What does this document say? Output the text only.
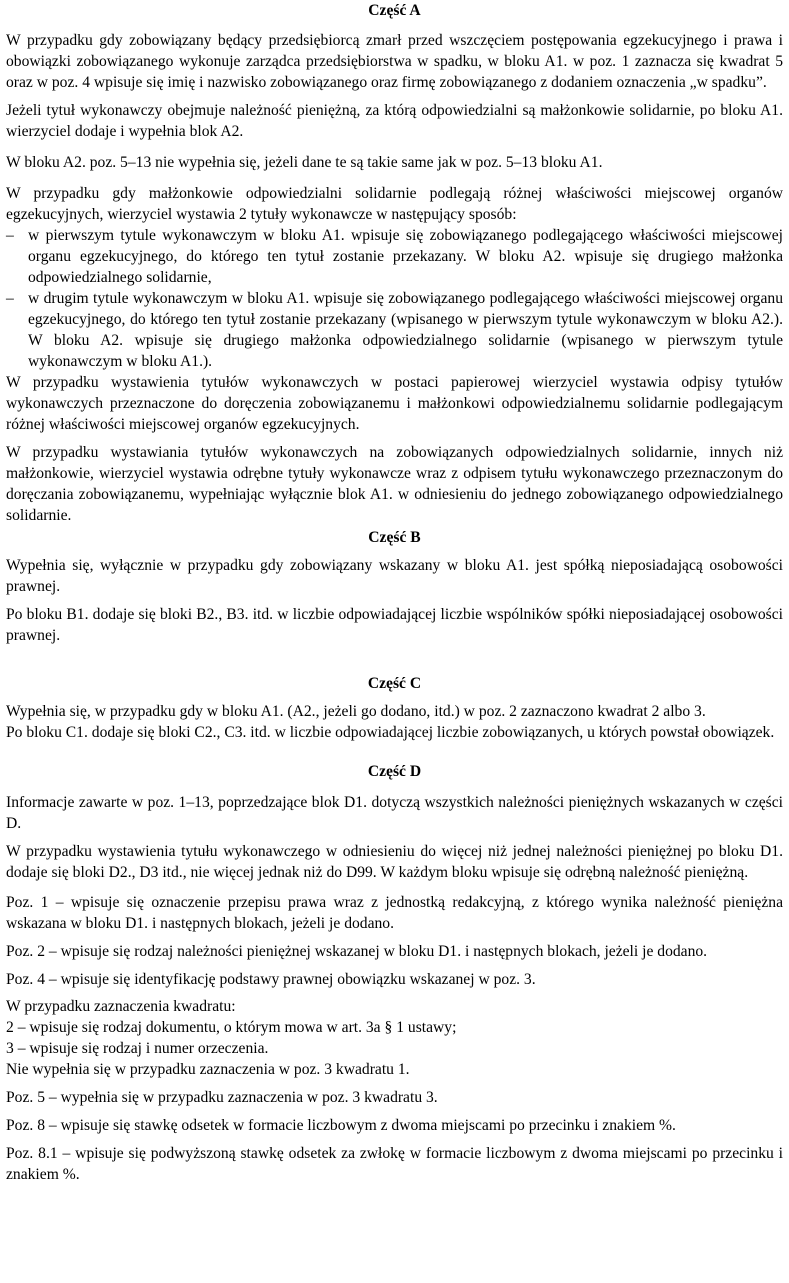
Część A

W przypadku gdy zobowiązany będący przedsiębiorcą zmarł przed wszczęciem postępowania egzekucyjnego i prawa i obowiązki zobowiązanego wykonuje zarządca przedsiębiorstwa w spadku, w bloku A1. w poz. 1 zaznacza się kwadrat 5 oraz w poz. 4 wpisuje się imię i nazwisko zobowiązanego oraz firmę zobowiązanego z dodaniem oznaczenia „w spadku”.

Jeżeli tytuł wykonawczy obejmuje należność pieniężną, za którą odpowiedzialni są małżonkowie solidarnie, po bloku A1. wierzyciel dodaje i wypełnia blok A2.

W bloku A2. poz. 5–13 nie wypełnia się, jeżeli dane te są takie same jak w poz. 5–13 bloku A1.

W przypadku gdy małżonkowie odpowiedzialni solidarnie podlegają różnej właściwości miejscowej organów egzekucyjnych, wierzyciel wystawia 2 tytuły wykonawcze w następujący sposób:

– w pierwszym tytule wykonawczym w bloku A1. wpisuje się zobowiązanego podlegającego właściwości miejscowej organu egzekucyjnego, do którego ten tytuł zostanie przekazany. W bloku A2. wpisuje się drugiego małżonka odpowiedzialnego solidarnie,
– w drugim tytule wykonawczym w bloku A1. wpisuje się zobowiązanego podlegającego właściwości miejscowej organu egzekucyjnego, do którego ten tytuł zostanie przekazany (wpisanego w pierwszym tytule wykonawczym w bloku A2.). W bloku A2. wpisuje się drugiego małżonka odpowiedzialnego solidarnie (wpisanego w pierwszym tytule wykonawczym w bloku A1.).

W przypadku wystawienia tytułów wykonawczych w postaci papierowej wierzyciel wystawia odpisy tytułów wykonawczych przeznaczone do doręczenia zobowiązanemu i małżonkowi odpowiedzialnemu solidarnie podlegającym różnej właściwości miejscowej organów egzekucyjnych.

W przypadku wystawiania tytułów wykonawczych na zobowiązanych odpowiedzialnych solidarnie, innych niż małżonkowie, wierzyciel wystawia odrębne tytuły wykonawcze wraz z odpisem tytułu wykonawczego przeznaczonym do doręczania zobowiązanemu, wypełniając wyłącznie blok A1. w odniesieniu do jednego zobowiązanego odpowiedzialnego solidarnie.

Część B

Wypełnia się, wyłącznie w przypadku gdy zobowiązany wskazany w bloku A1. jest spółką nieposiadającą osobowości prawnej.

Po bloku B1. dodaje się bloki B2., B3. itd. w liczbie odpowiadającej liczbie wspólników spółki nieposiadającej osobowości prawnej.

Część C

Wypełnia się, w przypadku gdy w bloku A1. (A2., jeżeli go dodano, itd.) w poz. 2 zaznaczono kwadrat 2 albo 3.

Po bloku C1. dodaje się bloki C2., C3. itd. w liczbie odpowiadającej liczbie zobowiązanych, u których powstał obowiązek.

Część D

Informacje zawarte w poz. 1–13, poprzedzające blok D1. dotyczą wszystkich należności pieniężnych wskazanych w części D.

W przypadku wystawienia tytułu wykonawczego w odniesieniu do więcej niż jednej należności pieniężnej po bloku D1. dodaje się bloki D2., D3 itd., nie więcej jednak niż do D99. W każdym bloku wpisuje się odrębną należność pieniężną.

Poz. 1 – wpisuje się oznaczenie przepisu prawa wraz z jednostką redakcyjną, z którego wynika należność pieniężna wskazana w bloku D1. i następnych blokach, jeżeli je dodano.

Poz. 2 – wpisuje się rodzaj należności pieniężnej wskazanej w bloku D1. i następnych blokach, jeżeli je dodano.

Poz. 4 – wpisuje się identyfikację podstawy prawnej obowiązku wskazanej w poz. 3.

W przypadku zaznaczenia kwadratu:
2 – wpisuje się rodzaj dokumentu, o którym mowa w art. 3a § 1 ustawy;
3 – wpisuje się rodzaj i numer orzeczenia.
Nie wypełnia się w przypadku zaznaczenia w poz. 3 kwadratu 1.

Poz. 5 – wypełnia się w przypadku zaznaczenia w poz. 3 kwadratu 3.

Poz. 8 – wpisuje się stawkę odsetek w formacie liczbowym z dwoma miejscami po przecinku i znakiem %.

Poz. 8.1 – wpisuje się podwyższoną stawkę odsetek za zwłokę w formacie liczbowym z dwoma miejscami po przecinku i znakiem %.
